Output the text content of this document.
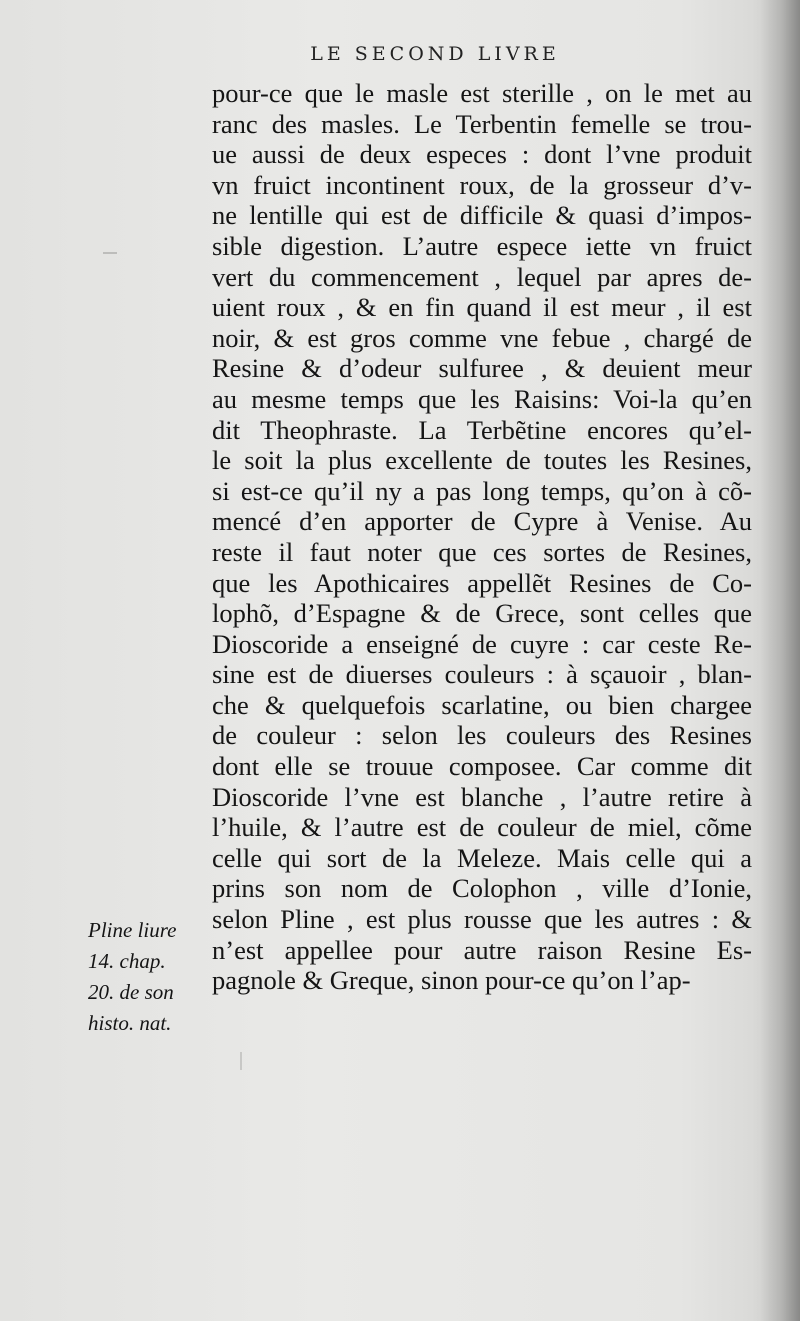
LE SECOND LIVRE
pour-ce que le masle est sterille , on le met au
ranc des masles. Le Terbentin femelle se trou-
ue aussi de deux especes : dont l’vne produit
vn fruict incontinent roux, de la grosseur d’v-
ne lentille qui est de difficile & quasi d’impos-
sible digestion. L’autre espece iette vn fruict
vert du commencement , lequel par apres de-
uient roux , & en fin quand il est meur , il est
noir, & est gros comme vne febue , chargé de
Resine & d’odeur sulfuree , & deuient meur
au mesme temps que les Raisins: Voi-la qu’en
dit Theophraste. La Terbẽtine encores qu’el-
le soit la plus excellente de toutes les Resines,
si est-ce qu’il ny a pas long temps, qu’on à cõ-
mencé d’en apporter de Cypre à Venise. Au
reste il faut noter que ces sortes de Resines,
que les Apothicaires appellẽt Resines de Co-
lophõ, d’Espagne & de Grece, sont celles que
Dioscoride a enseigné de cuyre : car ceste Re-
sine est de diuerses couleurs : à sçauoir , blan-
che & quelquefois scarlatine, ou bien chargee
de couleur : selon les couleurs des Resines
dont elle se trouue composee. Car comme dit
Dioscoride l’vne est blanche , l’autre retire à
l’huile, & l’autre est de couleur de miel, cõme
celle qui sort de la Meleze. Mais celle qui a
prins son nom de Colophon , ville d’Ionie,
selon Pline , est plus rousse que les autres : &
n’est appellee pour autre raison Resine Es-
pagnole & Greque, sinon pour-ce qu’on l’ap-
Pline liure
14. chap.
20. de son
histo. nat.
